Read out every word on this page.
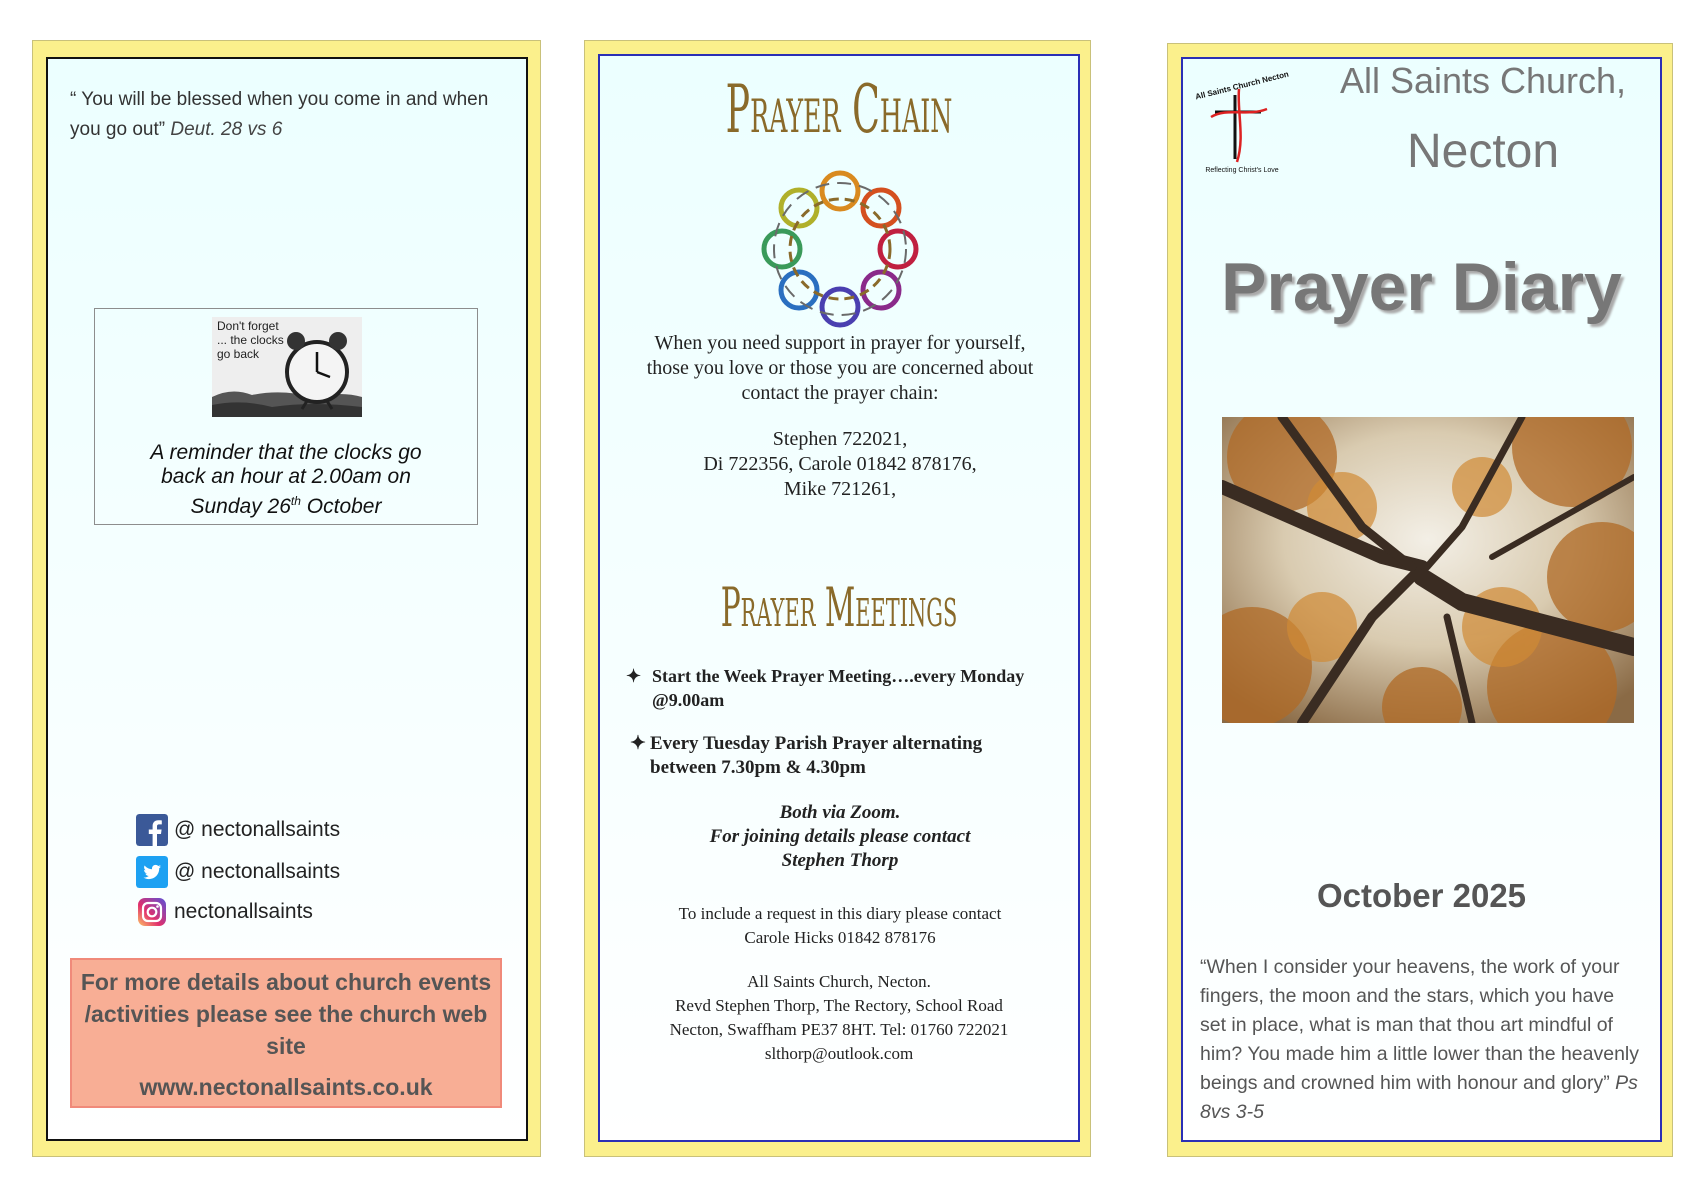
“ You will be blessed when you come in and when you go out” Deut. 28 vs 6
Don't forget ... the clocks go back
A reminder that the clocks go
back an hour at 2.00am on
Sunday 26th October
@ nectonallsaints
@ nectonallsaints
nectonallsaints
For more details about church events /activities please see the church web site
www.nectonallsaints.co.uk
Prayer Chain
When you need support in prayer for yourself, those you love or those you are concerned about contact the prayer chain:
Stephen 722021,
Di 722356, Carole 01842 878176,
Mike 721261,
Prayer Meetings
✦ Start the Week Prayer Meeting….every Monday @9.00am
✦ Every Tuesday Parish Prayer alternating between 7.30pm & 4.30pm
Both via Zoom.
For joining details please contact
Stephen Thorp
To include a request in this diary please contact Carole Hicks 01842 878176
All Saints Church, Necton.
Revd Stephen Thorp, The Rectory, School Road
Necton, Swaffham PE37 8HT. Tel: 01760 722021
slthorp@outlook.com
All Saints Church Necton
Reflecting Christ's Love
All Saints Church,
Necton
Prayer Diary
October 2025
“When I consider your heavens, the work of your fingers, the moon and the stars, which you have set in place, what is man that thou art mindful of him? You made him a little lower than the heavenly beings and crowned him with honour and glory” Ps 8vs 3-5
